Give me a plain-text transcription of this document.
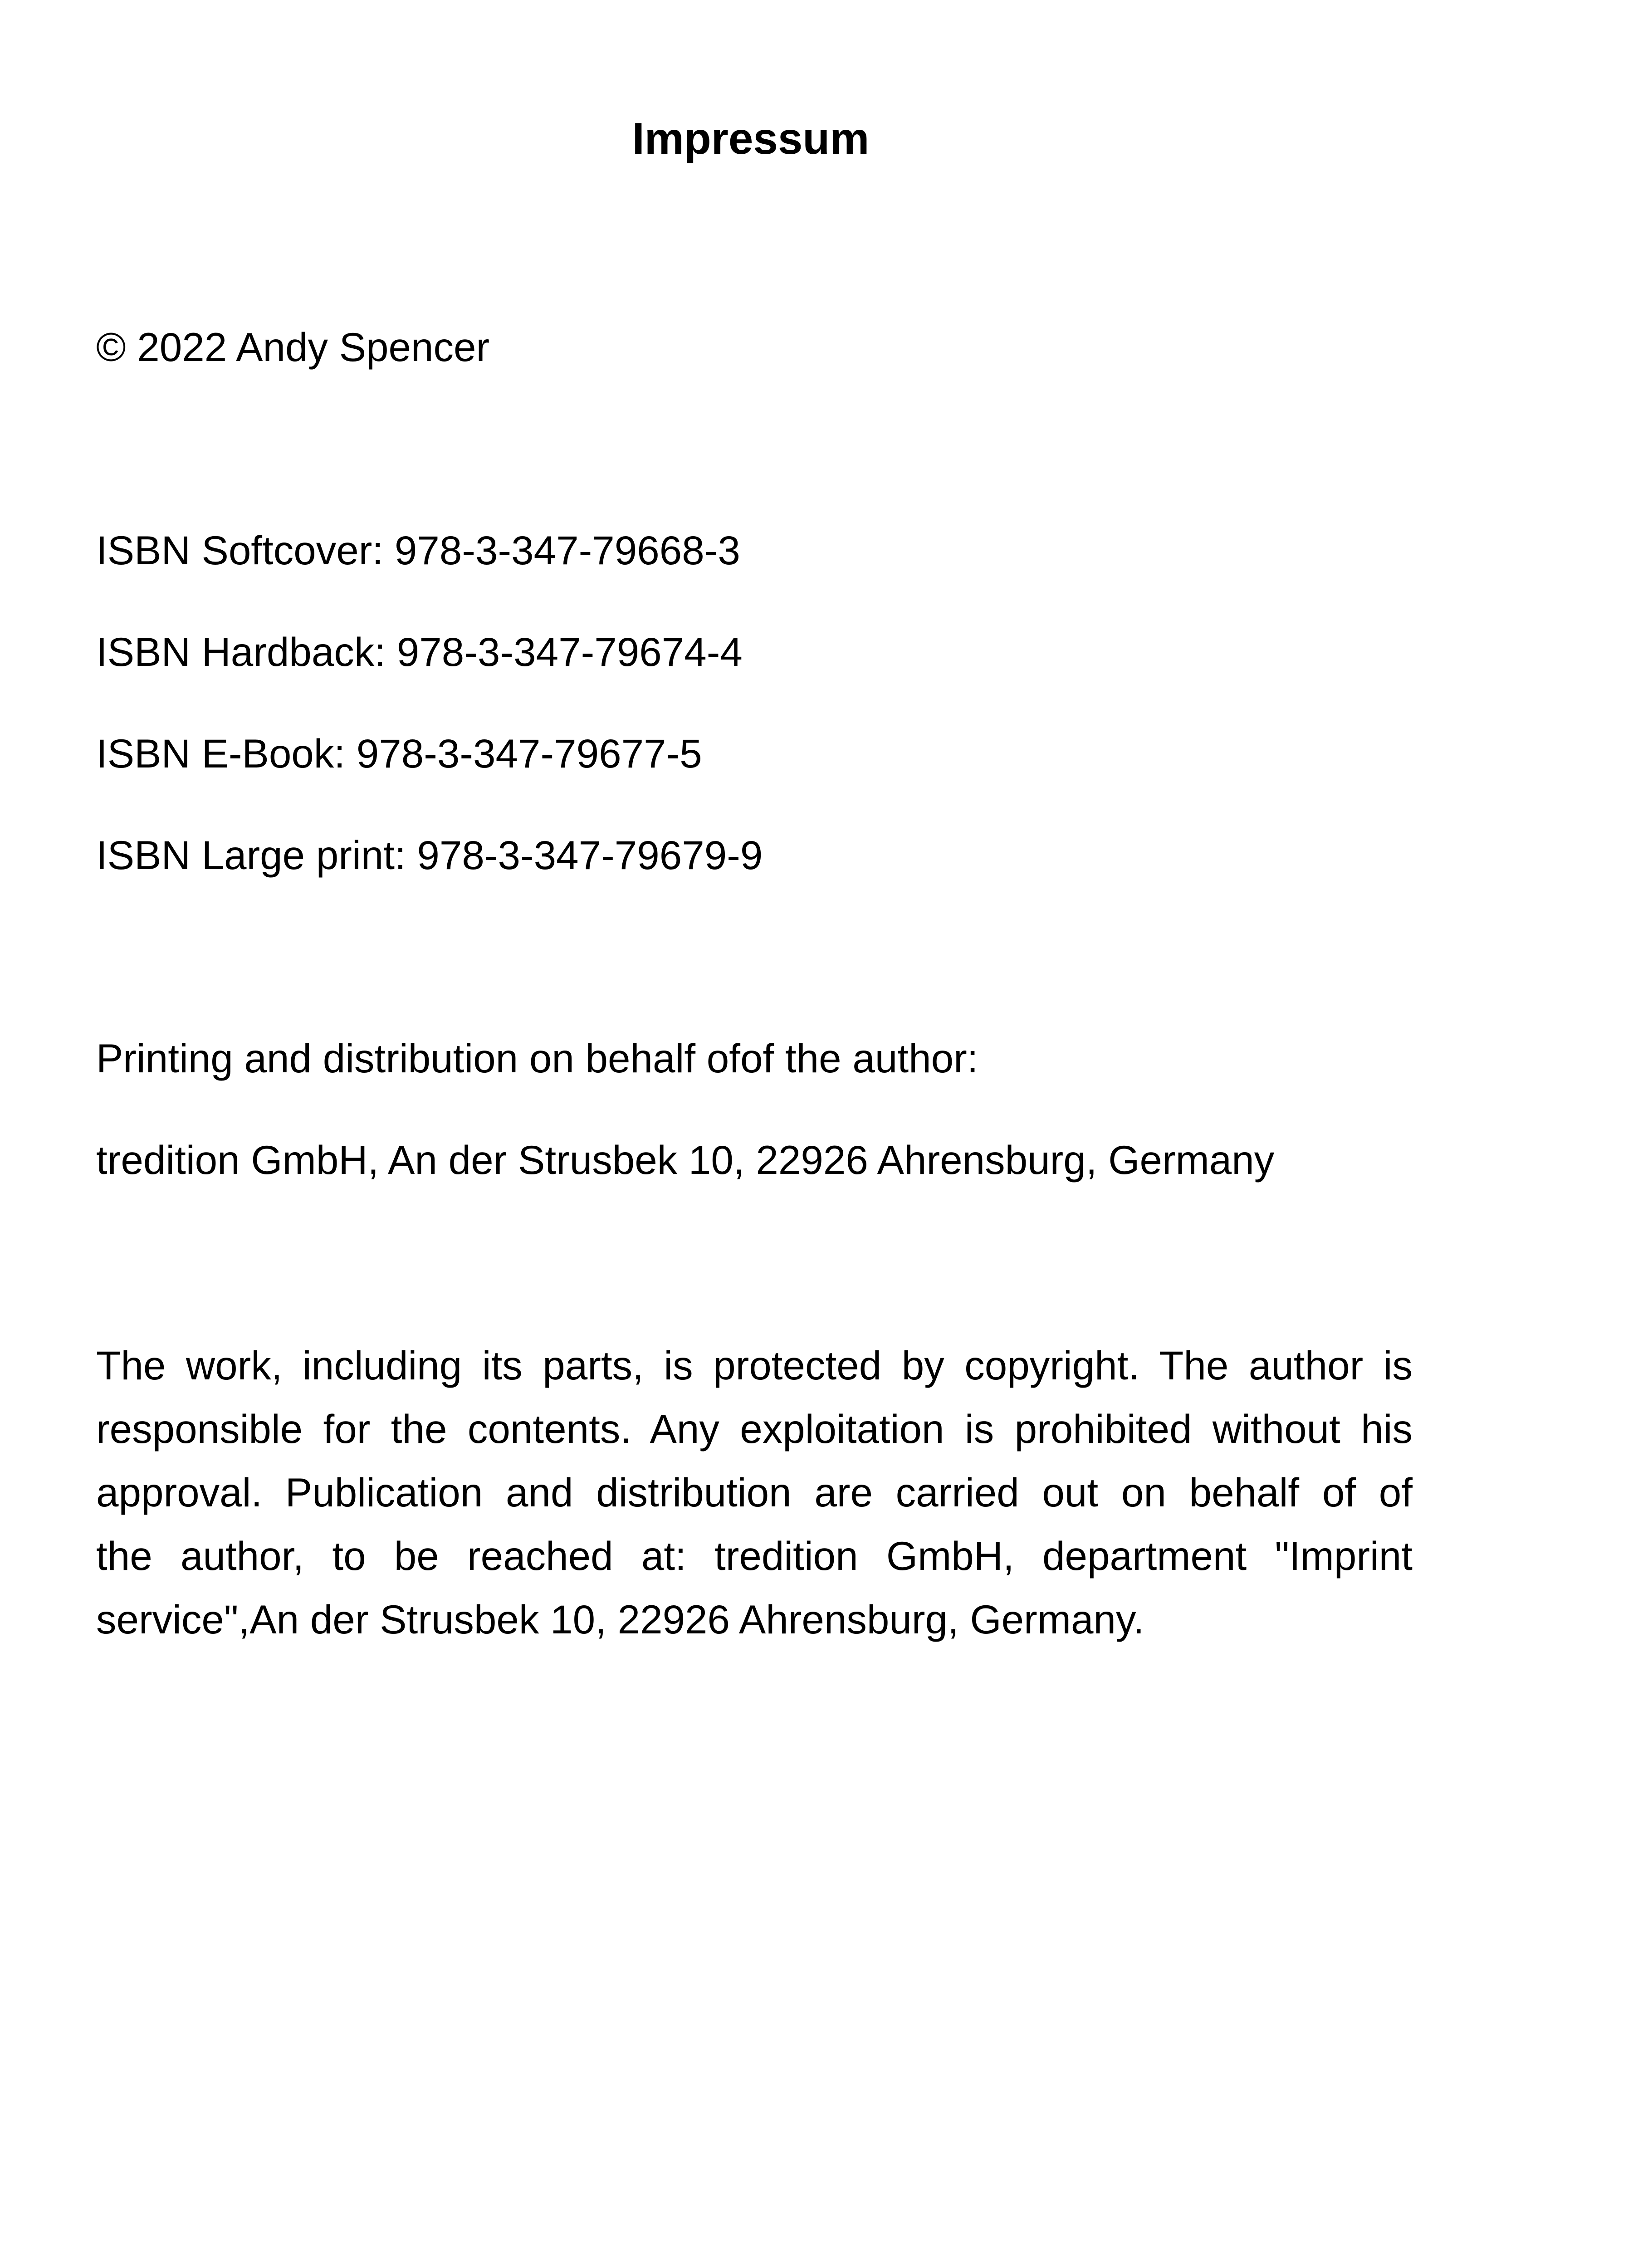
Impressum
© 2022 Andy Spencer
ISBN Softcover: 978-3-347-79668-3
ISBN Hardback: 978-3-347-79674-4
ISBN E-Book: 978-3-347-79677-5
ISBN Large print: 978-3-347-79679-9
Printing and distribution on behalf ofof the author:
tredition GmbH, An der Strusbek 10, 22926 Ahrensburg, Germany
The work, including its parts, is protected by copyright. The author is
responsible for the contents. Any exploitation is prohibited without his
approval. Publication and distribution are carried out on behalf of of
the author, to be reached at: tredition GmbH, department "Imprint
service",An der Strusbek 10, 22926 Ahrensburg, Germany.
